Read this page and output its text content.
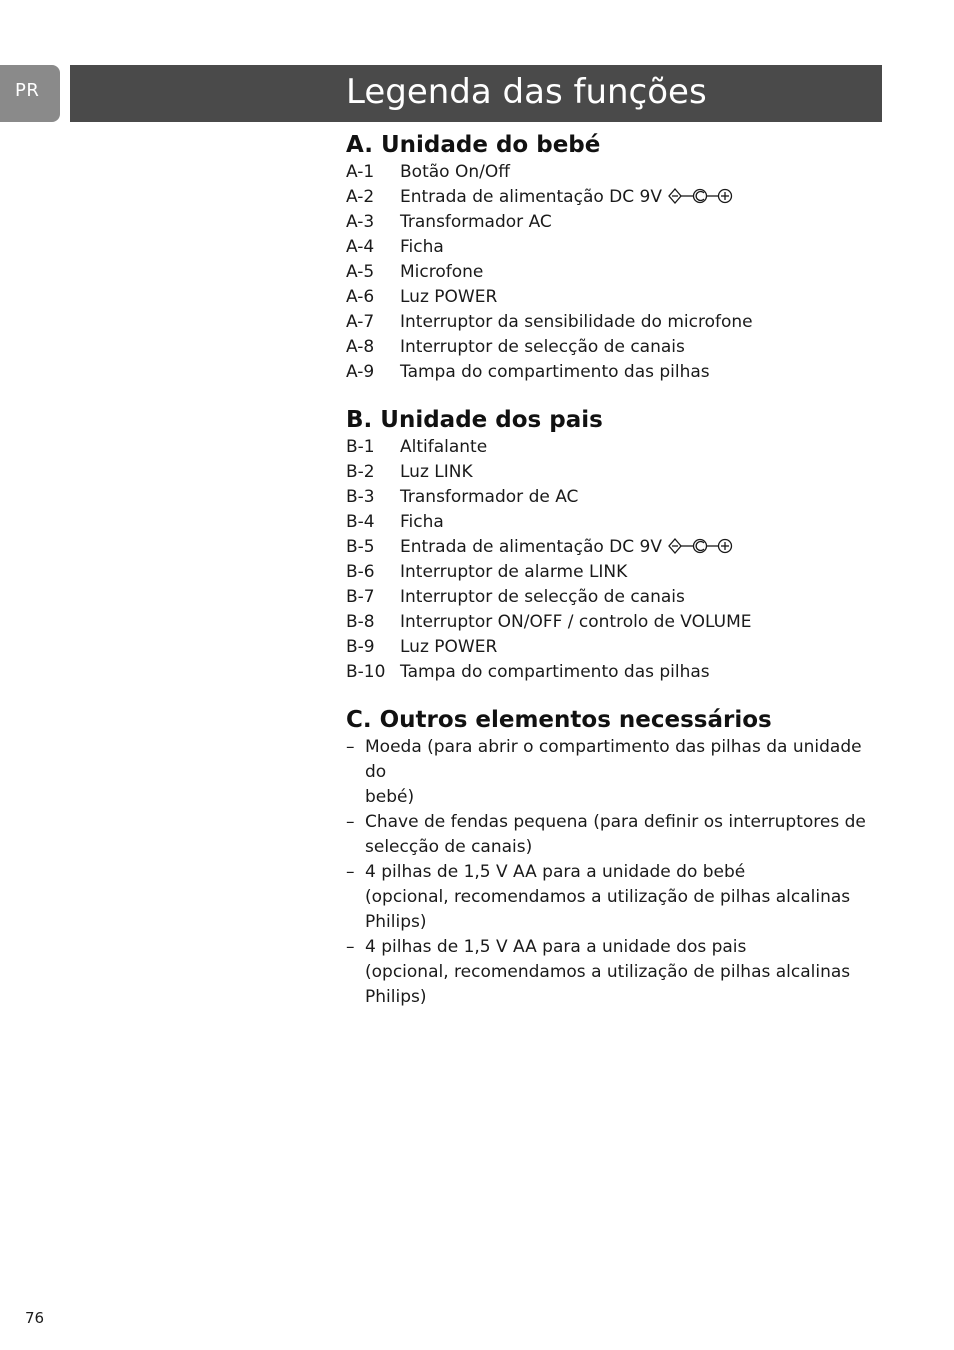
PR	Legenda das funções
A. Unidade do bebé
A-1	Botão On/Off
A-2	Entrada de alimentação DC 9V
A-3	Transformador AC
A-4	Ficha
A-5	Microfone
A-6	Luz POWER
A-7	Interruptor da sensibilidade do microfone
A-8	Interruptor de selecção de canais
A-9	Tampa do compartimento das pilhas
B. Unidade dos pais
B-1	Altifalante
B-2	Luz LINK
B-3	Transformador de AC
B-4	Ficha
B-5	Entrada de alimentação DC 9V
B-6	Interruptor de alarme LINK
B-7	Interruptor de selecção de canais
B-8	Interruptor ON/OFF / controlo de VOLUME
B-9	Luz POWER
B-10 Tampa do compartimento das pilhas
C. Outros elementos necessários
– Moeda (para abrir o compartimento das pilhas da unidade do
bebé)
– Chave de fendas pequena (para definir os interruptores de
selecção de canais)
– 4 pilhas de 1,5 V AA para a unidade do bebé
(opcional, recomendamos a utilização de pilhas alcalinas
Philips)
– 4 pilhas de 1,5 V AA para a unidade dos pais
(opcional, recomendamos a utilização de pilhas alcalinas
Philips)
76
